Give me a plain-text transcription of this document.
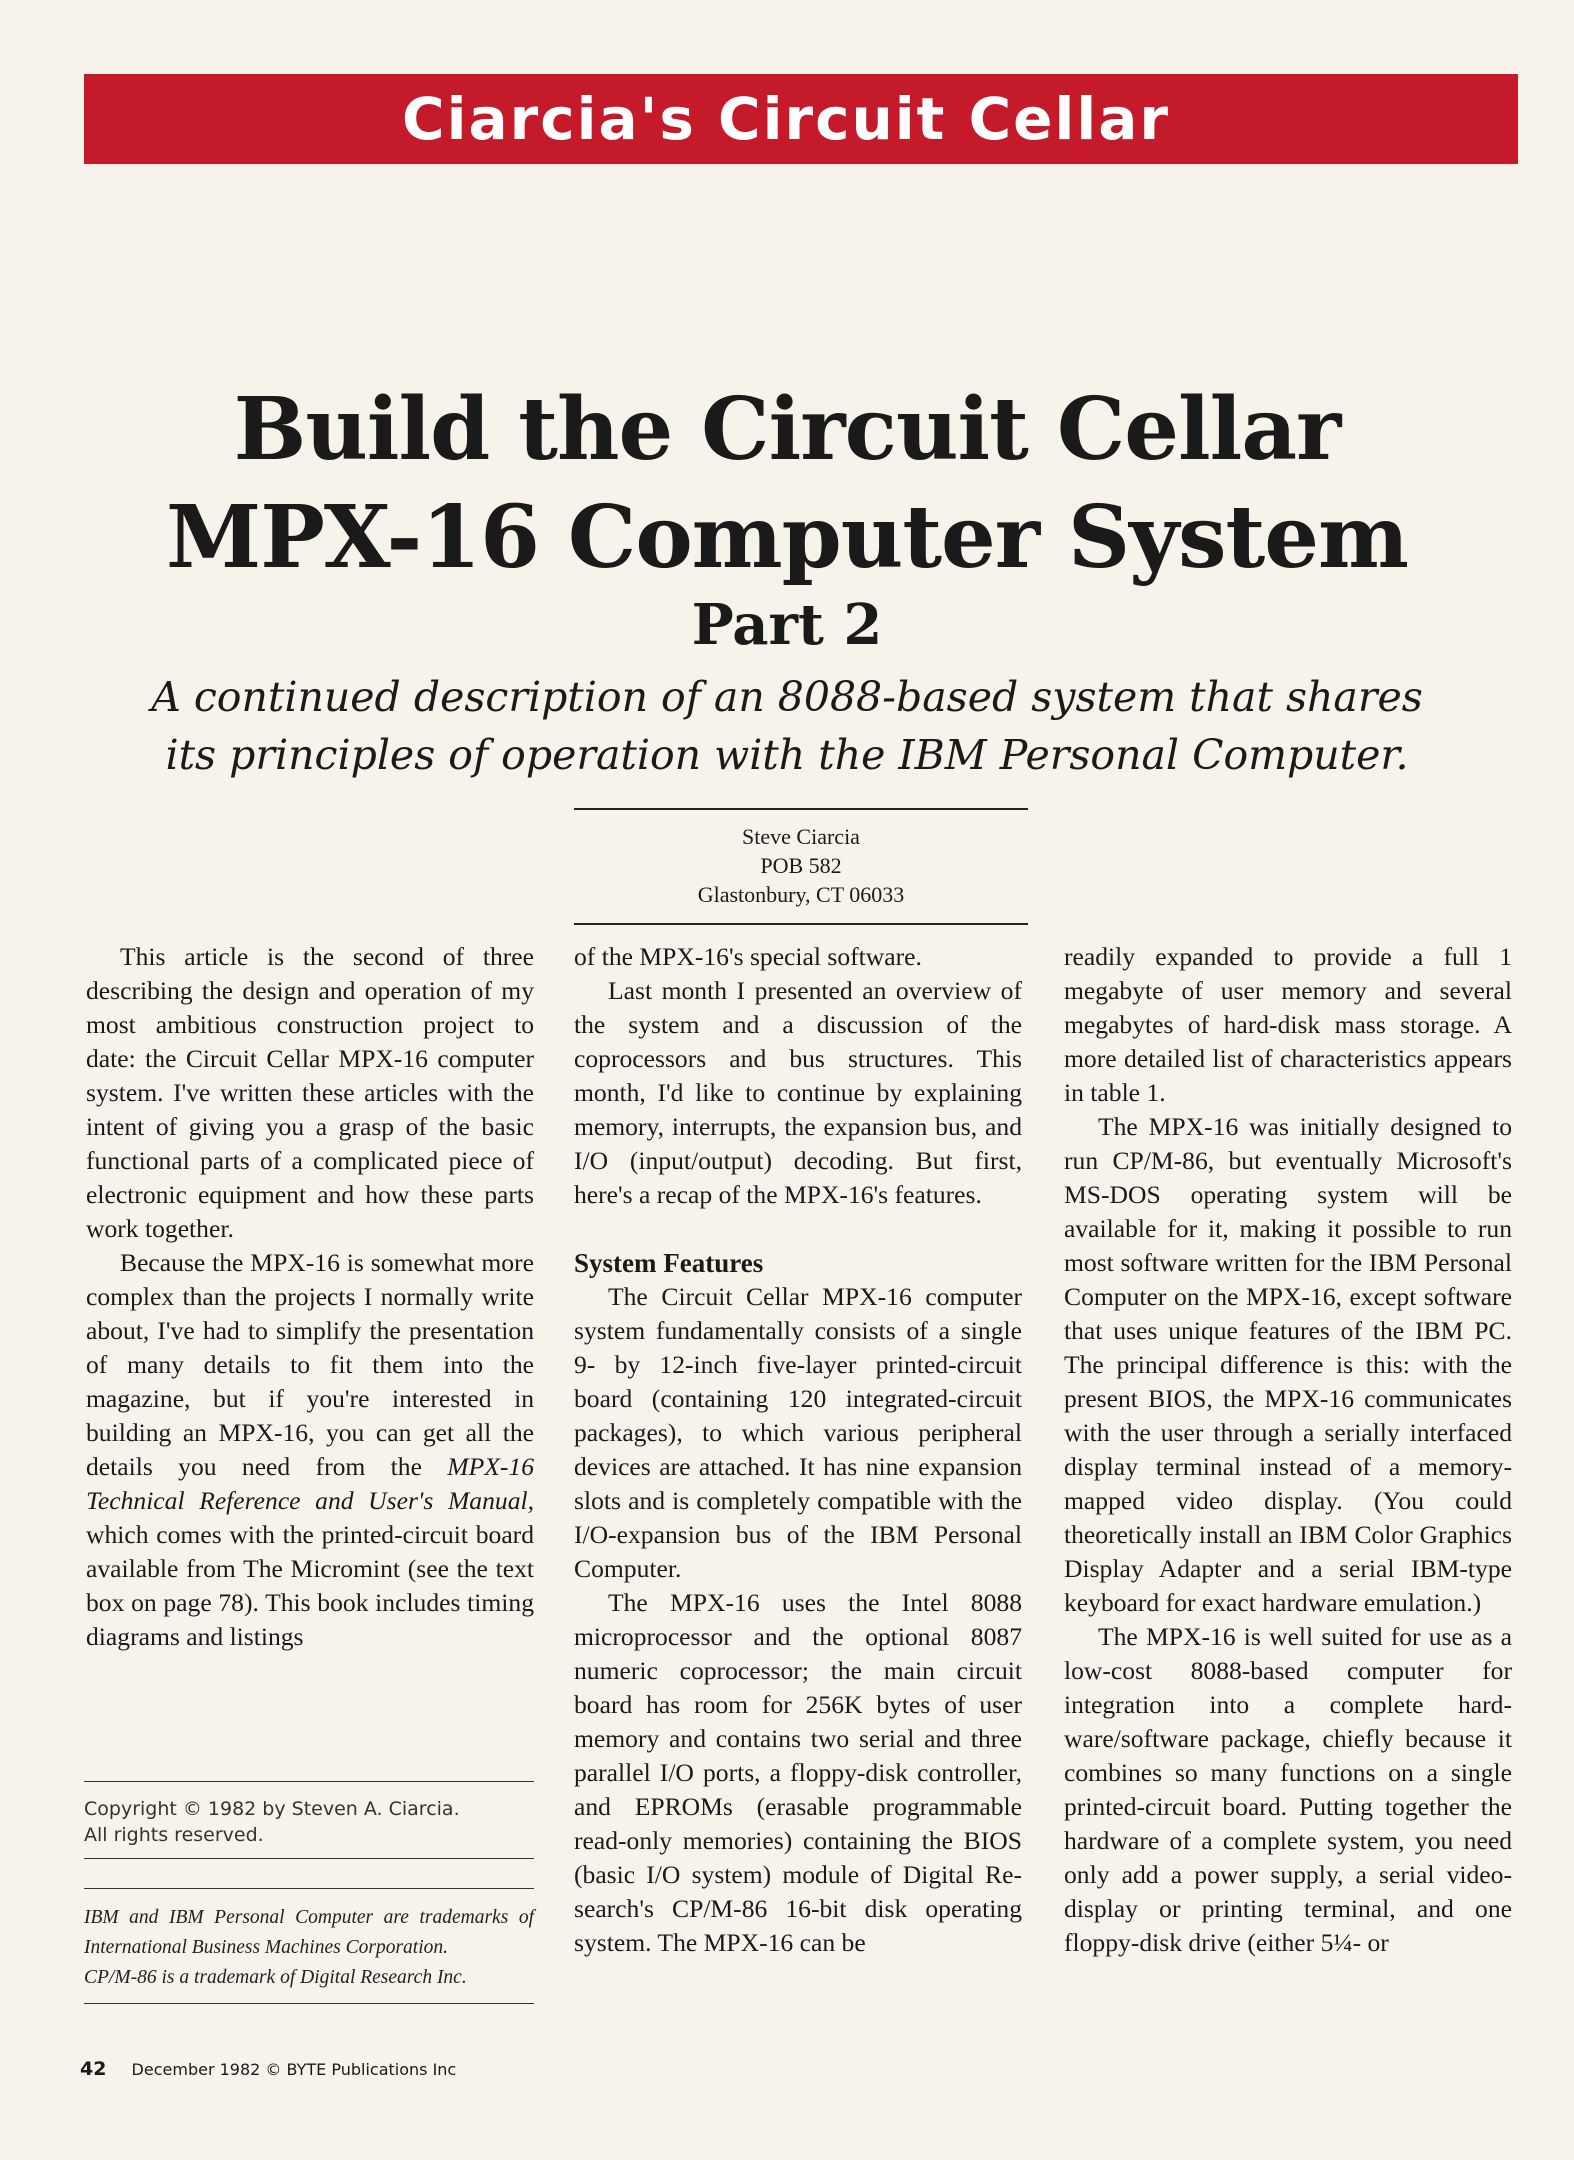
Ciarcia's Circuit Cellar
Build the Circuit Cellar
MPX-16 Computer System
Part 2
A continued description of an 8088-based system that shares
its principles of operation with the IBM Personal Computer.
Steve Ciarcia
POB 582
Glastonbury, CT 06033

This article is the second of three describing the design and operation of my most ambitious construction project to date: the Circuit Cellar MPX-16 computer system. I've written these articles with the intent of giving you a grasp of the basic functional parts of a complicated piece of electronic equipment and how these parts work together.

Because the MPX-16 is somewhat more complex than the projects I normally write about, I've had to simplify the presentation of many details to fit them into the magazine, but if you're interested in building an MPX-16, you can get all the details you need from the MPX-16 Technical Reference and User's Manual, which comes with the printed-circuit board available from The Micromint (see the text box on page 78). This book includes timing diagrams and listings

Copyright © 1982 by Steven A. Ciarcia.
All rights reserved.

IBM and IBM Personal Computer are trademarks of International Business Machines Corporation.

CP/M-86 is a trademark of Digital Research Inc.

of the MPX-16's special software.

Last month I presented an overview of the system and a discussion of the coprocessors and bus structures. This month, I'd like to continue by explaining memory, interrupts, the expansion bus, and I/O (input/output) decoding. But first, here's a recap of the MPX-16's features.

System Features

The Circuit Cellar MPX-16 computer system fundamentally consists of a single 9- by 12-inch five-layer printed-circuit board (containing 120 integrated-circuit packages), to which various peripheral devices are attached. It has nine expansion slots and is completely compatible with the I/O-expansion bus of the IBM Personal Computer.

The MPX-16 uses the Intel 8088 microprocessor and the optional 8087 numeric coprocessor; the main circuit board has room for 256K bytes of user memory and contains two serial and three parallel I/O ports, a floppy-disk controller, and EPROMs (erasable programmable read-only memories) containing the BIOS (basic I/O system) module of Digital Research's CP/M-86 16-bit disk operating system. The MPX-16 can be

readily expanded to provide a full 1 megabyte of user memory and several megabytes of hard-disk mass storage. A more detailed list of characteristics appears in table 1.

The MPX-16 was initially designed to run CP/M-86, but eventually Microsoft's MS-DOS operating system will be available for it, making it possible to run most software written for the IBM Personal Computer on the MPX-16, except software that uses unique features of the IBM PC. The principal difference is this: with the present BIOS, the MPX-16 communicates with the user through a serially interfaced display terminal instead of a memory-mapped video display. (You could theoretically install an IBM Color Graphics Display Adapter and a serial IBM-type keyboard for exact hardware emulation.)

The MPX-16 is well suited for use as a low-cost 8088-based computer for integration into a complete hardware/software package, chiefly because it combines so many functions on a single printed-circuit board. Putting together the hardware of a complete system, you need only add a power supply, a serial video-display or printing terminal, and one floppy-disk drive (either 5¼- or

42 December 1982 © BYTE Publications Inc
